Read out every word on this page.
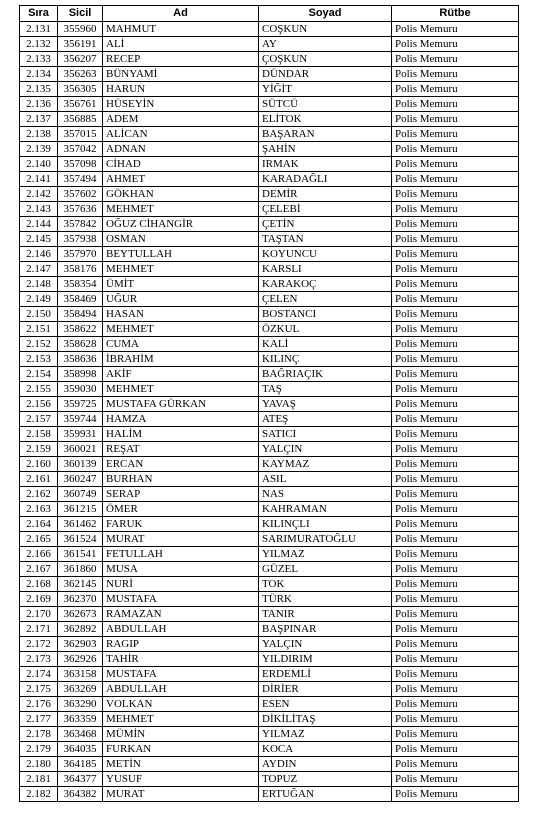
Sıra	Sicil	Ad	Soyad	Rütbe
2.131	355960	MAHMUT	COŞKUN	Polis Memuru
2.132	356191	ALİ	AY	Polis Memuru
2.133	356207	RECEP	ÇOŞKUN	Polis Memuru
2.134	356263	BÜNYAMİ	DÜNDAR	Polis Memuru
2.135	356305	HARUN	YİĞİT	Polis Memuru
2.136	356761	HÜSEYİN	SÜTCÜ	Polis Memuru
2.137	356885	ADEM	ELİTOK	Polis Memuru
2.138	357015	ALİCAN	BAŞARAN	Polis Memuru
2.139	357042	ADNAN	ŞAHİN	Polis Memuru
2.140	357098	CİHAD	IRMAK	Polis Memuru
2.141	357494	AHMET	KARADAĞLI	Polis Memuru
2.142	357602	GÖKHAN	DEMİR	Polis Memuru
2.143	357636	MEHMET	ÇELEBİ	Polis Memuru
2.144	357842	OĞUZ CİHANGİR	ÇETİN	Polis Memuru
2.145	357938	OSMAN	TAŞTAN	Polis Memuru
2.146	357970	BEYTULLAH	KOYUNCU	Polis Memuru
2.147	358176	MEHMET	KARSLI	Polis Memuru
2.148	358354	ÜMİT	KARAKOÇ	Polis Memuru
2.149	358469	UĞUR	ÇELEN	Polis Memuru
2.150	358494	HASAN	BOSTANCI	Polis Memuru
2.151	358622	MEHMET	ÖZKUL	Polis Memuru
2.152	358628	CUMA	KALİ	Polis Memuru
2.153	358636	İBRAHİM	KILINÇ	Polis Memuru
2.154	358998	AKİF	BAĞRIAÇIK	Polis Memuru
2.155	359030	MEHMET	TAŞ	Polis Memuru
2.156	359725	MUSTAFA GÜRKAN	YAVAŞ	Polis Memuru
2.157	359744	HAMZA	ATEŞ	Polis Memuru
2.158	359931	HALİM	SATICI	Polis Memuru
2.159	360021	REŞAT	YALÇIN	Polis Memuru
2.160	360139	ERCAN	KAYMAZ	Polis Memuru
2.161	360247	BURHAN	ASIL	Polis Memuru
2.162	360749	SERAP	NAS	Polis Memuru
2.163	361215	ÖMER	KAHRAMAN	Polis Memuru
2.164	361462	FARUK	KILINÇLI	Polis Memuru
2.165	361524	MURAT	SARIMURATOĞLU	Polis Memuru
2.166	361541	FETULLAH	YILMAZ	Polis Memuru
2.167	361860	MUSA	GÜZEL	Polis Memuru
2.168	362145	NURİ	TOK	Polis Memuru
2.169	362370	MUSTAFA	TÜRK	Polis Memuru
2.170	362673	RAMAZAN	TANIR	Polis Memuru
2.171	362892	ABDULLAH	BAŞPINAR	Polis Memuru
2.172	362903	RAGIP	YALÇIN	Polis Memuru
2.173	362926	TAHİR	YILDIRIM	Polis Memuru
2.174	363158	MUSTAFA	ERDEMLİ	Polis Memuru
2.175	363269	ABDULLAH	DİRİER	Polis Memuru
2.176	363290	VOLKAN	ESEN	Polis Memuru
2.177	363359	MEHMET	DİKİLİTAŞ	Polis Memuru
2.178	363468	MÜMİN	YILMAZ	Polis Memuru
2.179	364035	FURKAN	KOCA	Polis Memuru
2.180	364185	METİN	AYDIN	Polis Memuru
2.181	364377	YUSUF	TOPUZ	Polis Memuru
2.182	364382	MURAT	ERTUĞAN	Polis Memuru
